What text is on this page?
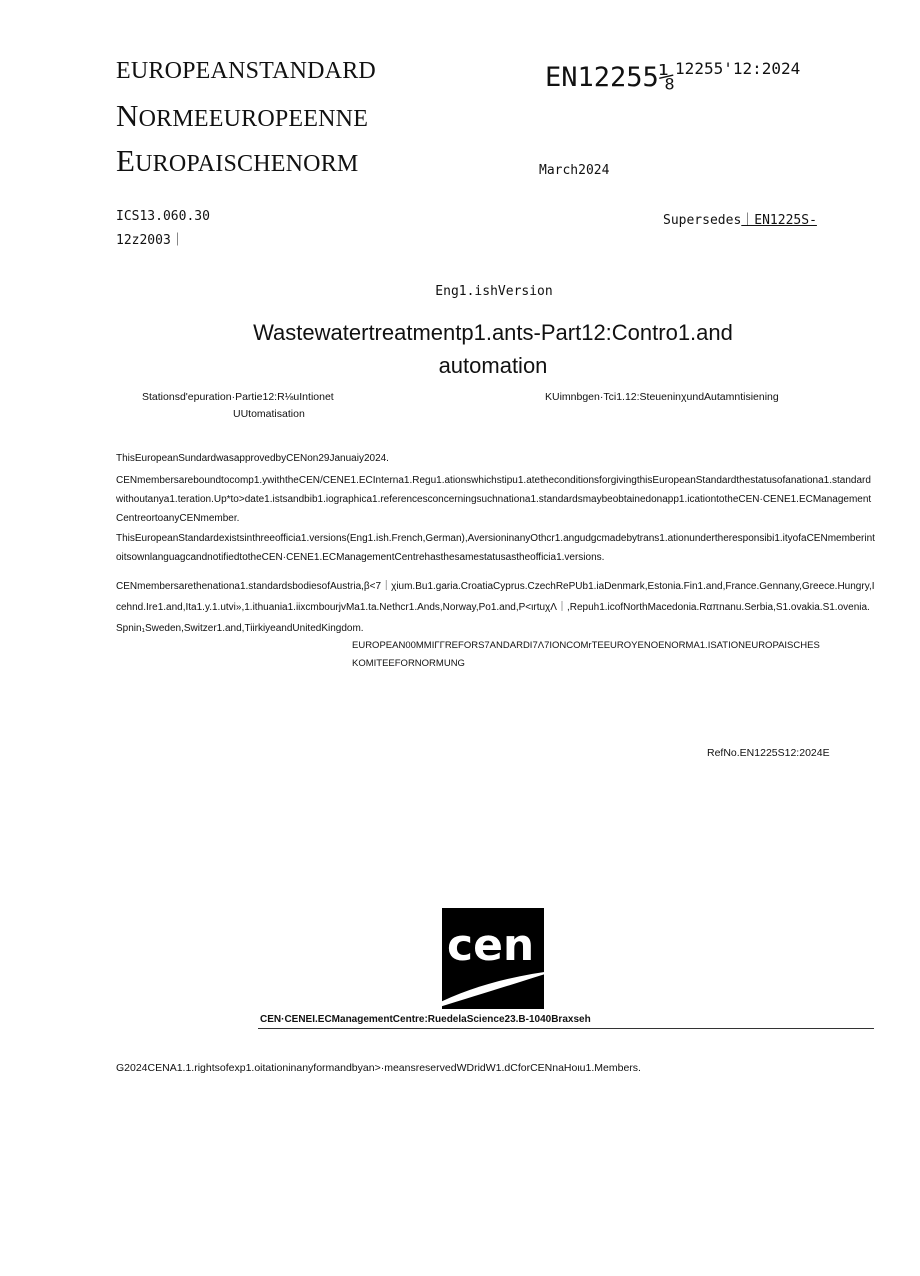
EUROPEANSTANDARD
NORMEEUROPEENNE
EUROPAISCHENORM
EN12255⅛$^{12255ꞌ12:2024}$
March2024
ICS13.060.30
12z2003｜
Supersedes｜EN1225S-
Eng1.ishVersion
Wastewatertreatmentp1.ants-Part12:Contro1.and
automation
Stationsd'epuration·Partie12:R⅛uIntionet
UUtomatisation
KUimnbgen·Tci1.12:SteueninχundAutamntisiening
ThisEuropeanSundardwasapprovedbyCENon29Januaiy2024.
CENmembersareboundtocomp1.ywiththeCEN/CENE1.ECInterna1.Regu1.ationswhichstipu1.atetheconditionsforgivingthisEuropeanStandardthestatusofanationa1.standardwithoutanya1.teration.Up*to>date1.istsandbib1.iographica1.referencesconcerningsuchnationa1.standardsmaybeobtainedonapp1.icationtotheCEN·CENE1.ECManagementCentreortoanyCENmember.
ThisEuropeanStandardexistsinthreeofficia1.versions(Eng1.ish.French,German),AversioninanyOthcr1.angudgcmadebytrans1.ationundertheresponsibi1.ityofaCENmemberintoitsownlanguagcandnotifiedtotheCEN·CENE1.ECManagementCentrehasthesamestatusastheofficia1.versions.
CENmembersarethenationa1.standardsbodiesofAustria,β<7｜χium.Bu1.garia.CroatiaCyprus.CzechRePUb1.iaDenmark,Estonia.Fin1.and,France.Gennany,Greece.Hungry,Icehnd.Ire1.and,Ita1.y.1.utvi»,1.ithuania1.iixcmbourjvMa1.ta.Nethcr1.Ands,Norway,Po1.and,P<ιrtuχΛ｜,Repuh1.icofNorthMacedonia.Rαπnanu.Serbia,S1.ovakia.S1.ovenia.Spnin₁Sweden,Switzer1.and,TiirkiyeandUnitedKingdom.
EUROPEAN00MMIΓΓREFORS7ANDARDI7Λ7IONCOMrTEEUROYENOENORMA1.ISATIONEUROPAISCHES
KOMITEEFORNORMUNG
RefNo.EN1225S12:2024E
cen
CEN·CENEI.ECManagementCentre:RuedelaScience23.B-1040Braxseh
G2024CENA1.1.rightsofexp1.oitationinanyformandbyan>·meansreservedWDridW1.dCforCENnaHoιu1.Members.
